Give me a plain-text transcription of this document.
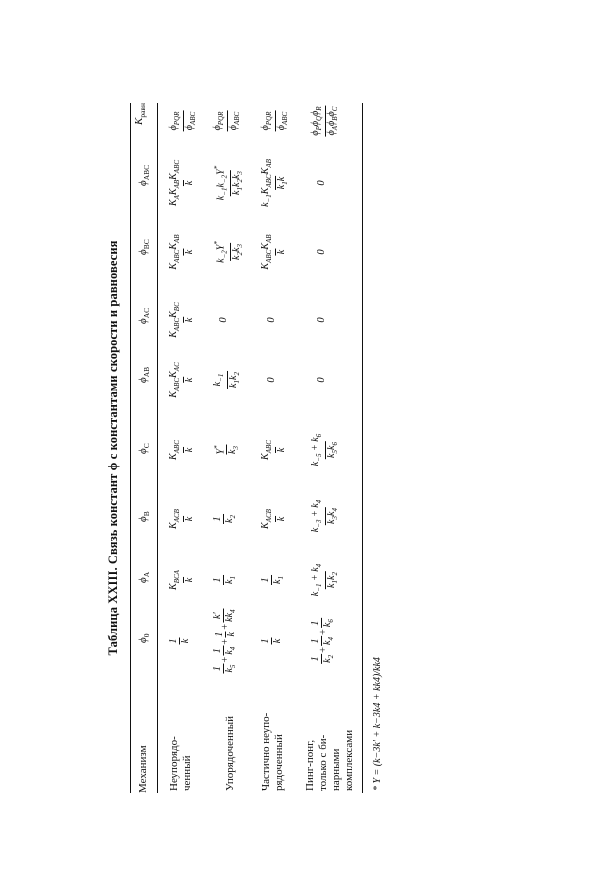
Таблица XXIII. Связь констант ϕ с константами скорости и равновесия
Механизм
$\phi_0$
$\phi_A$
$\phi_B$
$\phi_C$
$\phi_{AB}$
$\phi_{AC}$
$\phi_{BC}$
$\phi_{ABC}$
$K_{равн}$
Неупорядо-
ченный
1 k
$K_{BCA}$ k
$K_{ACB}$ k
$K_{ABC}$ k
$K_{ABC}K_{AC}$
k
$K_{ABC}K_{BC}$
k
$K_{ABC}K_{AB}$
k
$K_AK_{AB}K_{ABC}$
k
$\phi_{PQR}$
$\phi_{ABC}$
Упорядоченный
1 $k_5$
+
1 $k_4$
+
1 k
+
k′ $kk_4$
1 $k_1$
1 $k_2$
Y*
$k_3$
$k_{-1}$
$k_1k_2$
0
$k_{-2}Y^*$
$k_2k_3$
$k_{-1}k_{-2}Y^*$
$k_1k_2k_3$
$\phi_{PQR}$
$\phi_{ABC}$
Частично неупо-
рядоченный
1 k
1 $k_1$
$K_{ACB}$ k
$K_{ABC}$ k
0
0
$K_{ABC}K_{AB}$
k
$k_{-1}K_{ABC}K_{AB}$
$k_1k$
$\phi_{PQR}$
$\phi_{ABC}$
Пинг-понг,
только с би-
нарными
комплексами
1 $k_2$
+
1 $k_4$
+
1 $k_6$
$k_{-1} + k_4$
$k_1k_2$
$k_{-3} + k_4$
$k_3k_4$
$k_{-5} + k_6$
$k_5k_6$
0
0
0
0
$\phi_P\phi_Q\phi_R$
$\phi_A\phi_B\phi_C$
* Y = (k−3k′ + k−3k4 + kk4)/kk4
